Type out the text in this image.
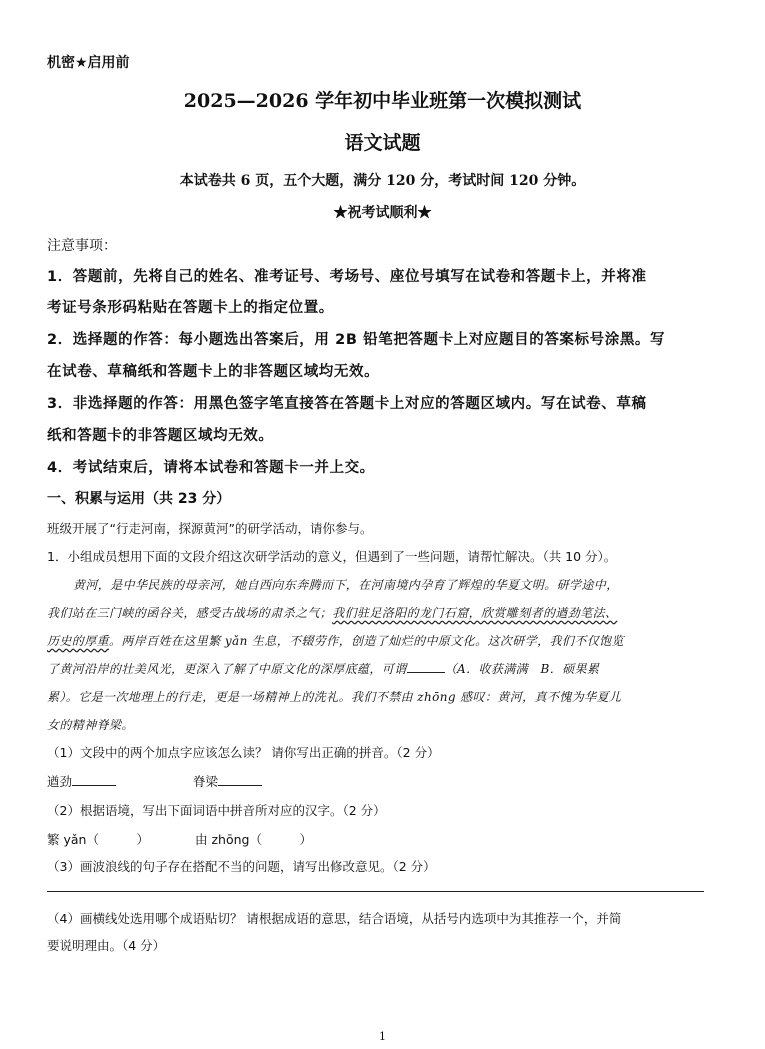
机密★启用前
2025—2026 学年初中毕业班第一次模拟测试
语文试题
本试卷共 6 页，五个大题，满分 120 分，考试时间 120 分钟。
★祝考试顺利★
注意事项：
1．答题前，先将自己的姓名、准考证号、考场号、座位号填写在试卷和答题卡上，并将准
考证号条形码粘贴在答题卡上的指定位置。
2．选择题的作答：每小题选出答案后，用 2B 铅笔把答题卡上对应题目的答案标号涂黑。写
在试卷、草稿纸和答题卡上的非答题区域均无效。
3．非选择题的作答：用黑色签字笔直接答在答题卡上对应的答题区域内。写在试卷、草稿
纸和答题卡的非答题区域均无效。
4．考试结束后，请将本试卷和答题卡一并上交。
一、积累与运用（共 23 分）
班级开展了“行走河南，探源黄河”的研学活动，请你参与。
1．小组成员想用下面的文段介绍这次研学活动的意义，但遇到了一些问题，请帮忙解决。（共 10 分）。
黄河，是中华民族的母亲河，她自西向东奔腾而下，在河南境内孕育了辉煌的华夏文明。研学途中，
我们站在三门峡的函谷关，感受古战场的肃杀之气；我们驻足洛阳的龙门石窟，欣赏雕刻者的遒劲笔法、
历史的厚重。两岸百姓在这里繁 yǎn 生息，不辍劳作，创造了灿烂的中原文化。这次研学，我们不仅饱览
了黄河沿岸的壮美风光，更深入了解了中原文化的深厚底蕴，可谓	（A．收获满满　B．硕果累
累）。它是一次地理上的行走，更是一场精神上的洗礼。我们不禁由 zhōng 感叹：黄河，真不愧为华夏儿
女的精神脊梁。
（1）文段中的两个加点字应该怎么读？ 请你写出正确的拼音。（2 分）
遒劲	脊梁
（2）根据语境，写出下面词语中拼音所对应的汉字。（2 分）
繁 yǎn（　　　）	由 zhōng（　　　）
（3）画波浪线的句子存在搭配不当的问题，请写出修改意见。（2 分）
（4）画横线处选用哪个成语贴切？ 请根据成语的意思，结合语境，从括号内选项中为其推荐一个，并简
要说明理由。（4 分）
1
